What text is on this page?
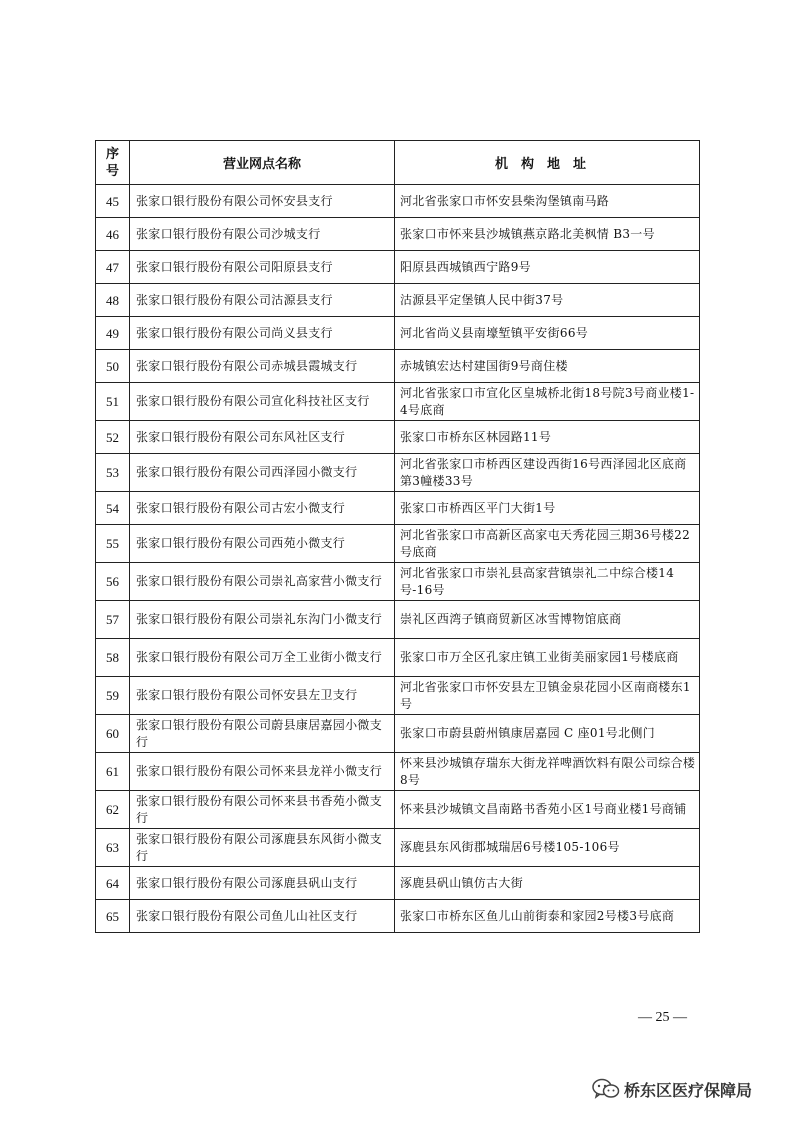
序号	营业网点名称	机构地址
45	张家口银行股份有限公司怀安县支行	河北省张家口市怀安县柴沟堡镇南马路
46	张家口银行股份有限公司沙城支行	张家口市怀来县沙城镇燕京路北美枫情 B3一号
47	张家口银行股份有限公司阳原县支行	阳原县西城镇西宁路9号
48	张家口银行股份有限公司沽源县支行	沽源县平定堡镇人民中街37号
49	张家口银行股份有限公司尚义县支行	河北省尚义县南壕堑镇平安街66号
50	张家口银行股份有限公司赤城县霞城支行	赤城镇宏达村建国街9号商住楼
51	张家口银行股份有限公司宣化科技社区支行	河北省张家口市宣化区皇城桥北街18号院3号商业楼1-4号底商
52	张家口银行股份有限公司东风社区支行	张家口市桥东区林园路11号
53	张家口银行股份有限公司西泽园小微支行	河北省张家口市桥西区建设西街16号西泽园北区底商第3幢楼33号
54	张家口银行股份有限公司古宏小微支行	张家口市桥西区平门大街1号
55	张家口银行股份有限公司西苑小微支行	河北省张家口市高新区高家屯天秀花园三期36号楼22号底商
56	张家口银行股份有限公司崇礼高家营小微支行	河北省张家口市崇礼县高家营镇崇礼二中综合楼14号-16号
57	张家口银行股份有限公司崇礼东沟门小微支行	崇礼区西湾子镇商贸新区冰雪博物馆底商
58	张家口银行股份有限公司万全工业街小微支行	张家口市万全区孔家庄镇工业街美丽家园1号楼底商
59	张家口银行股份有限公司怀安县左卫支行	河北省张家口市怀安县左卫镇金泉花园小区南商楼东1号
60	张家口银行股份有限公司蔚县康居嘉园小微支行	张家口市蔚县蔚州镇康居嘉园 C 座01号北侧门
61	张家口银行股份有限公司怀来县龙祥小微支行	怀来县沙城镇存瑞东大街龙祥啤酒饮料有限公司综合楼8号
62	张家口银行股份有限公司怀来县书香苑小微支行	怀来县沙城镇文昌南路书香苑小区1号商业楼1号商铺
63	张家口银行股份有限公司涿鹿县东风街小微支行	涿鹿县东风街郡城瑞居6号楼105-106号
64	张家口银行股份有限公司涿鹿县矾山支行	涿鹿县矾山镇仿古大街
65	张家口银行股份有限公司鱼儿山社区支行	张家口市桥东区鱼儿山前街泰和家园2号楼3号底商
— 25 —
桥东区医疗保障局
